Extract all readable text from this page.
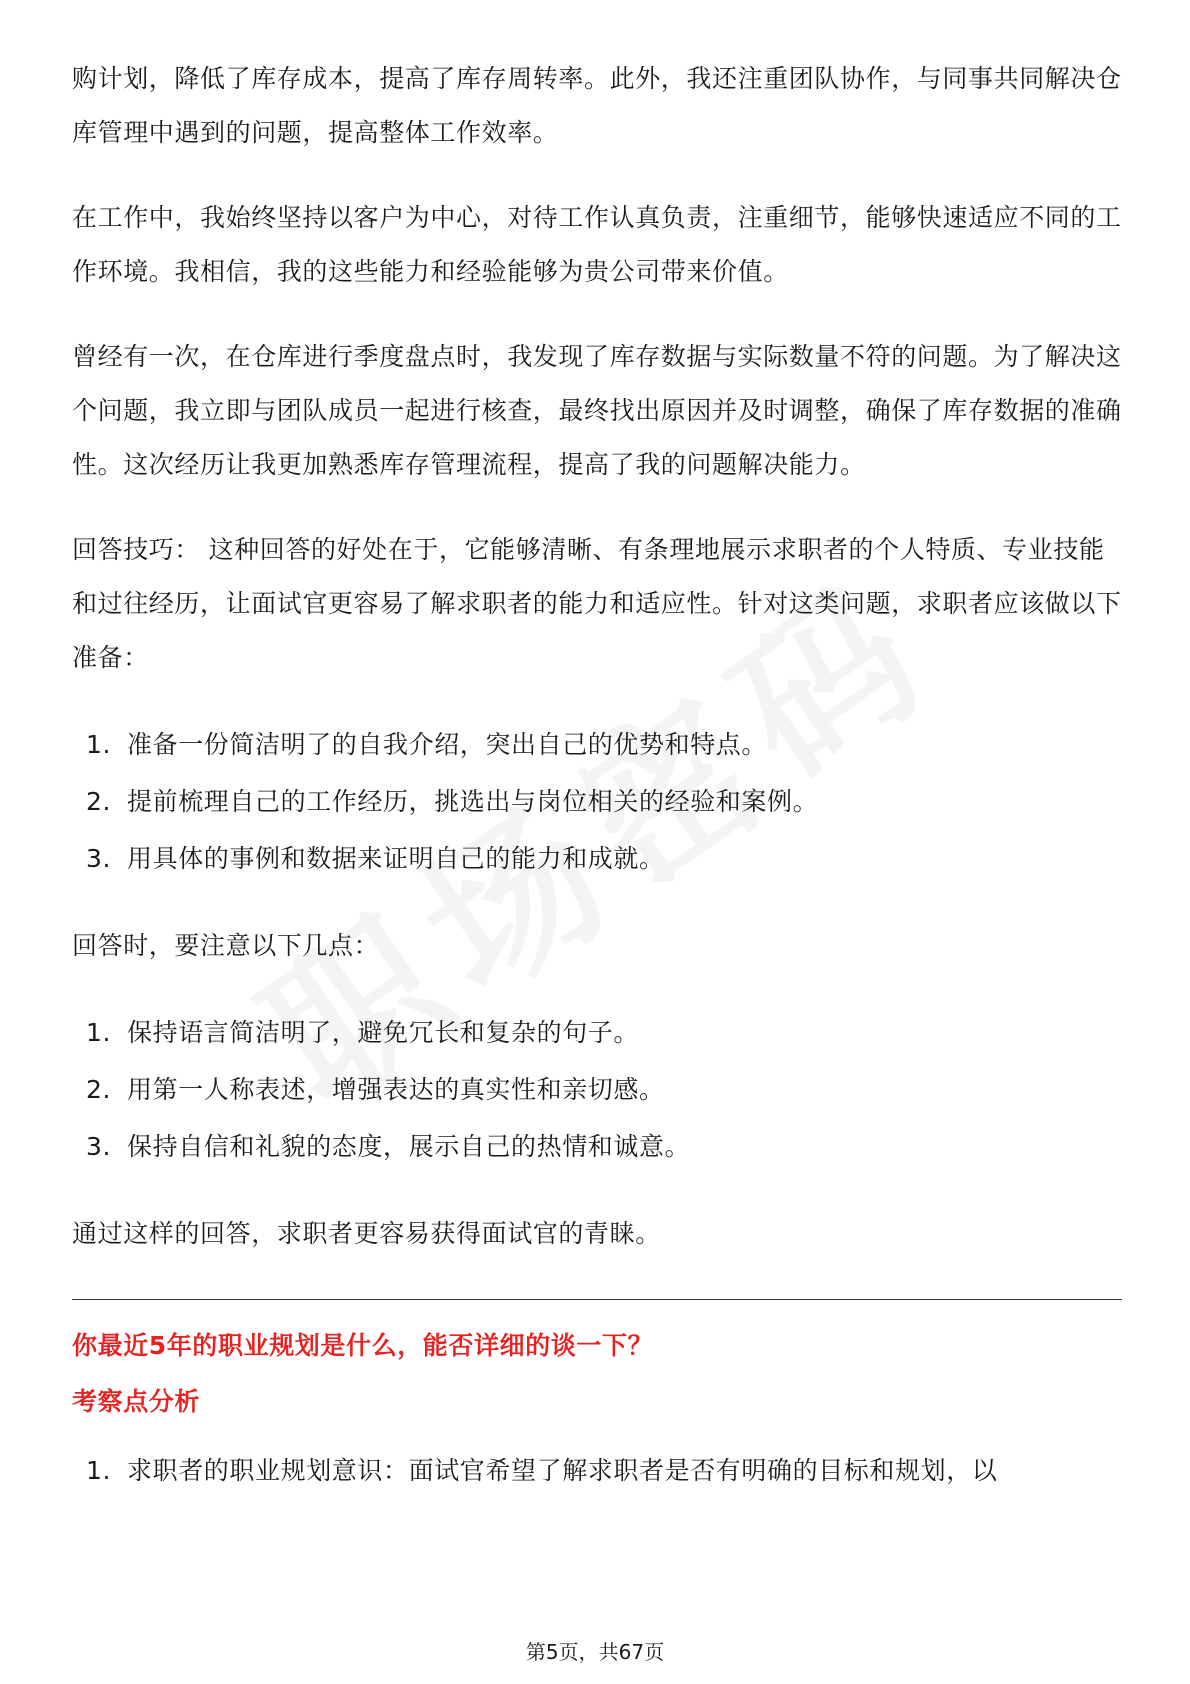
购计划，降低了库存成本，提高了库存周转率。此外，我还注重团队协作，与同事共同解决仓库管理中遇到的问题，提高整体工作效率。

在工作中，我始终坚持以客户为中心，对待工作认真负责，注重细节，能够快速适应不同的工作环境。我相信，我的这些能力和经验能够为贵公司带来价值。

曾经有一次，在仓库进行季度盘点时，我发现了库存数据与实际数量不符的问题。为了解决这个问题，我立即与团队成员一起进行核查，最终找出原因并及时调整，确保了库存数据的准确性。这次经历让我更加熟悉库存管理流程，提高了我的问题解决能力。

回答技巧： 这种回答的好处在于，它能够清晰、有条理地展示求职者的个人特质、专业技能和过往经历，让面试官更容易了解求职者的能力和适应性。针对这类问题，求职者应该做以下准备：

1. 准备一份简洁明了的自我介绍，突出自己的优势和特点。
2. 提前梳理自己的工作经历，挑选出与岗位相关的经验和案例。
3. 用具体的事例和数据来证明自己的能力和成就。

回答时，要注意以下几点：

1. 保持语言简洁明了，避免冗长和复杂的句子。
2. 用第一人称表述，增强表达的真实性和亲切感。
3. 保持自信和礼貌的态度，展示自己的热情和诚意。

通过这样的回答，求职者更容易获得面试官的青睐。

你最近5年的职业规划是什么，能否详细的谈一下？
考察点分析
1. 求职者的职业规划意识：面试官希望了解求职者是否有明确的目标和规划，以
第5页，共67页
